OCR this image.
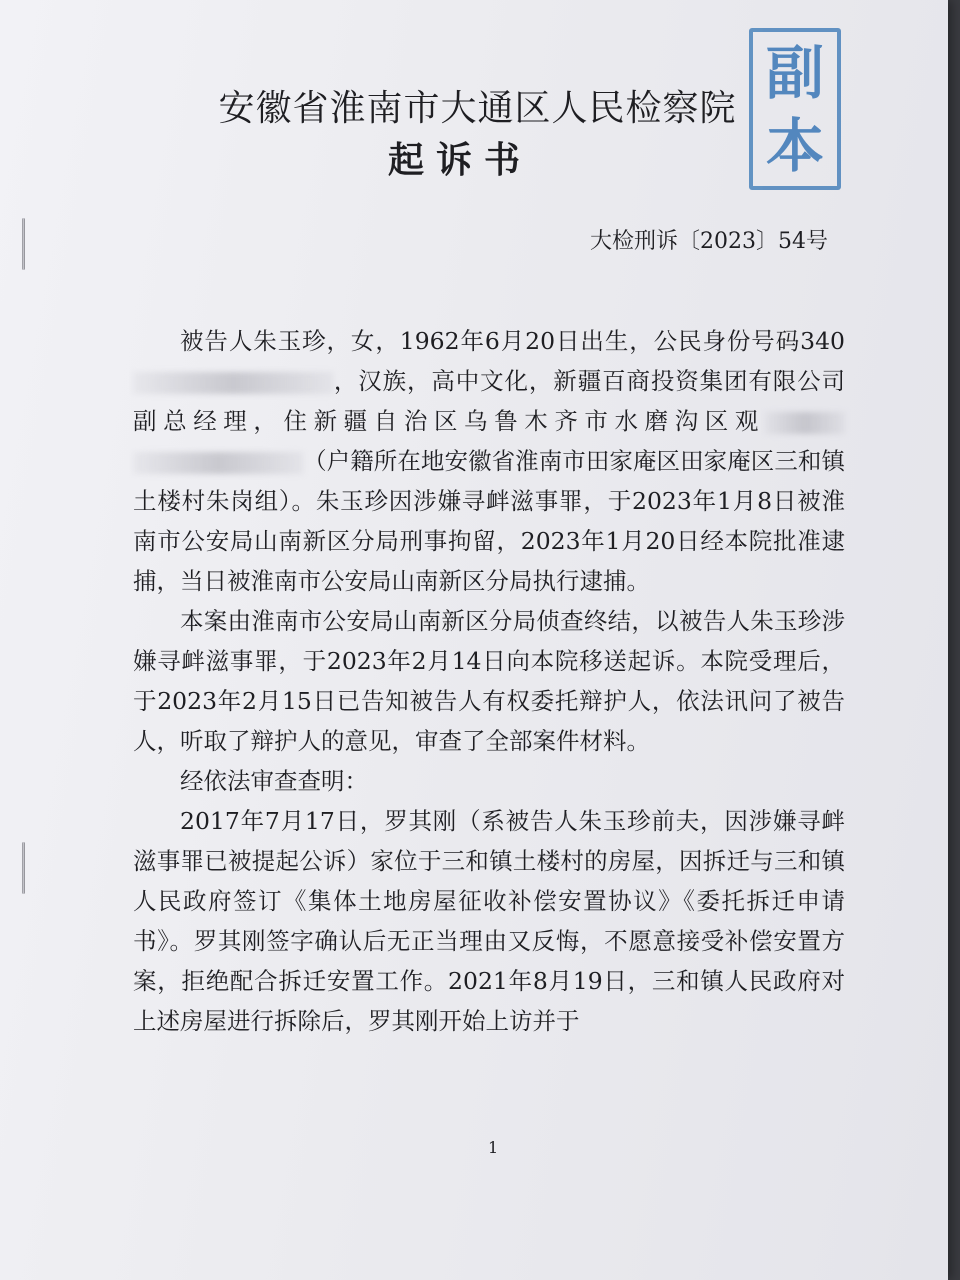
副
本
安徽省淮南市大通区人民检察院
起诉书
大检刑诉〔2023〕54号

被告人朱玉珍，女，1962年6月20日出生，公民身份号码340，汉族，高中文化，新疆百商投资集团有限公司副总经理，住新疆自治区乌鲁木齐市水磨沟区观（户籍所在地安徽省淮南市田家庵区田家庵区三和镇土楼村朱岗组）。朱玉珍因涉嫌寻衅滋事罪，于2023年1月8日被淮南市公安局山南新区分局刑事拘留，2023年1月20日经本院批准逮捕，当日被淮南市公安局山南新区分局执行逮捕。

本案由淮南市公安局山南新区分局侦查终结，以被告人朱玉珍涉嫌寻衅滋事罪，于2023年2月14日向本院移送起诉。本院受理后，于2023年2月15日已告知被告人有权委托辩护人，依法讯问了被告人，听取了辩护人的意见，审查了全部案件材料。

经依法审查查明：

2017年7月17日，罗其刚（系被告人朱玉珍前夫，因涉嫌寻衅滋事罪已被提起公诉）家位于三和镇土楼村的房屋，因拆迁与三和镇人民政府签订《集体土地房屋征收补偿安置协议》《委托拆迁申请书》。罗其刚签字确认后无正当理由又反悔，不愿意接受补偿安置方案，拒绝配合拆迁安置工作。2021年8月19日，三和镇人民政府对上述房屋进行拆除后，罗其刚开始上访并于

1
